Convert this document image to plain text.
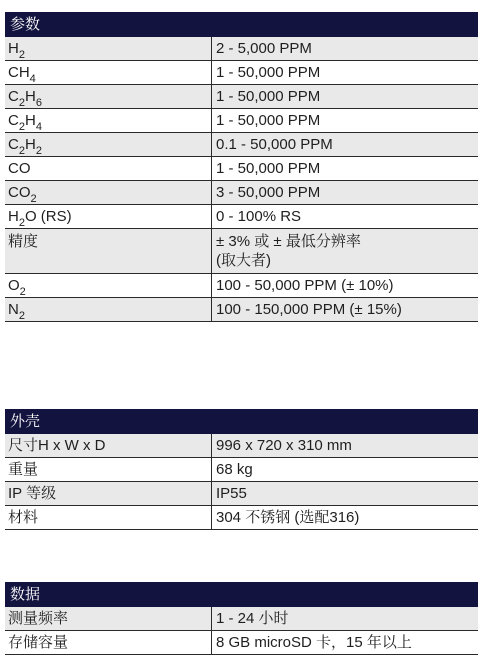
参数
$H_2$	2 - 5,000 PPM
$CH_4$	1 - 50,000 PPM
$C_2H_6$	1 - 50,000 PPM
$C_2H_4$	1 - 50,000 PPM
$C_2H_2$	0.1 - 50,000 PPM
CO	1 - 50,000 PPM
$CO_2$	3 - 50,000 PPM
$H_2O$ (RS)	0 - 100% RS
精度	± 3% 或 ± 最低分辨率
(取大者)
$O_2$	100 - 50,000 PPM (± 10%)
$N_2$	100 - 150,000 PPM (± 15%)
外壳
尺寸H x W x D	996 x 720 x 310 mm
重量	68 kg
IP 等级	IP55
材料	304 不锈钢 (选配316)
数据
测量频率	1 - 24 小时
存储容量	8 GB microSD 卡，15 年以上
